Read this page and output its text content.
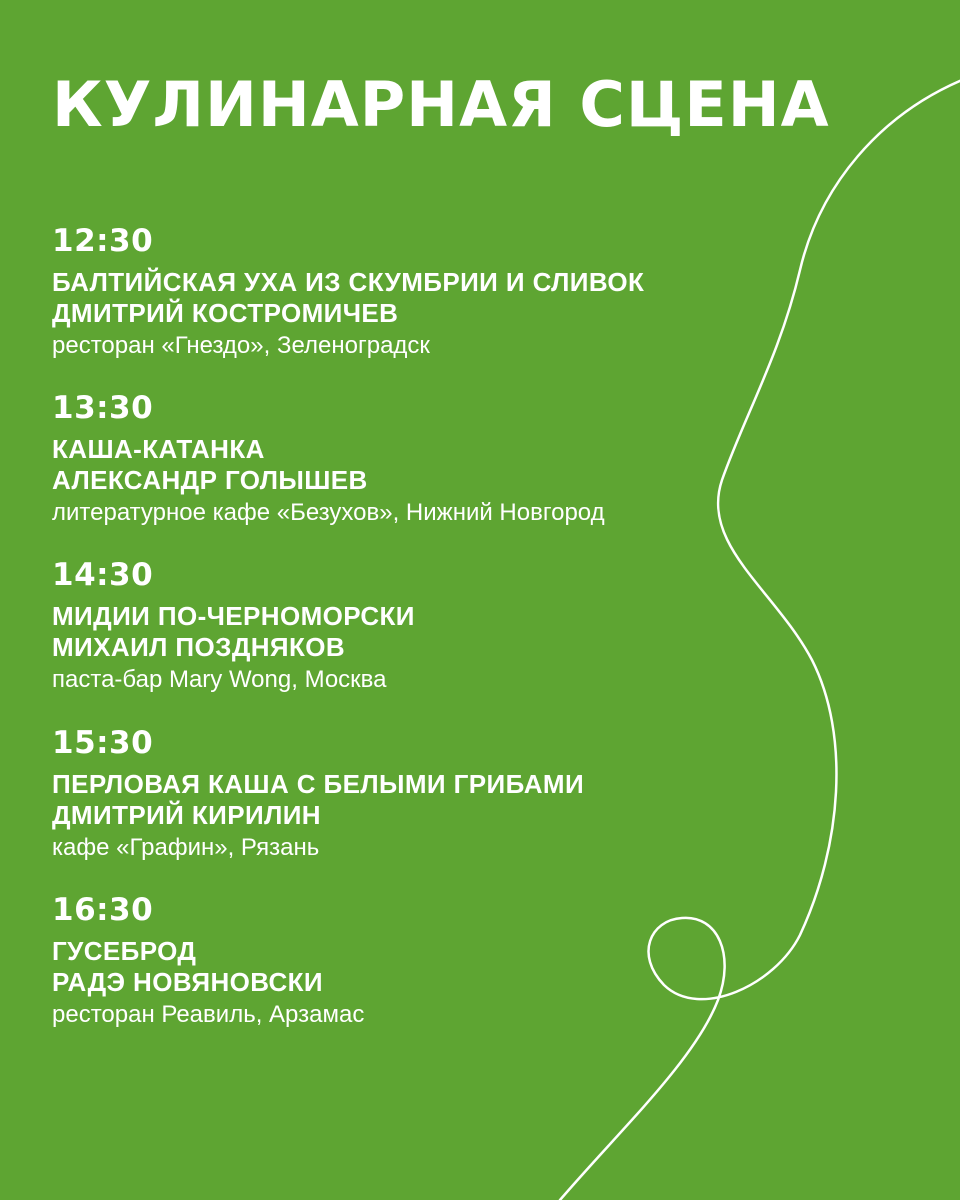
КУЛИНАРНАЯ СЦЕНА
12:30
БАЛТИЙСКАЯ УХА ИЗ СКУМБРИИ И СЛИВОК
ДМИТРИЙ КОСТРОМИЧЕВ
ресторан «Гнездо», Зеленоградск
13:30
КАША-КАТАНКА
АЛЕКСАНДР ГОЛЫШЕВ
литературное кафе «Безухов», Нижний Новгород
14:30
МИДИИ ПО-ЧЕРНОМОРСКИ
МИХАИЛ ПОЗДНЯКОВ
паста-бар Mary Wong, Москва
15:30
ПЕРЛОВАЯ КАША С БЕЛЫМИ ГРИБАМИ
ДМИТРИЙ КИРИЛИН
кафе «Графин», Рязань
16:30
ГУСЕБРОД
РАДЭ НОВЯНОВСКИ
ресторан Реавиль, Арзамас
